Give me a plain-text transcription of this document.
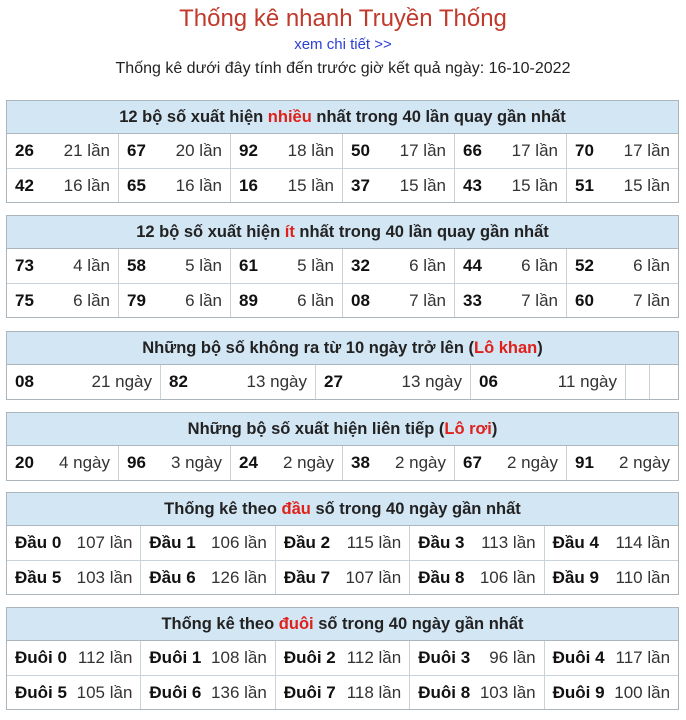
Thống kê nhanh Truyền Thống
xem chi tiết >>
Thống kê dưới đây tính đến trước giờ kết quả ngày: 16-10-2022
12 bộ số xuất hiện nhiều nhất trong 40 lần quay gần nhất
26 21 lần 67 20 lần 92 18 lần 50 17 lần 66 17 lần 70 17 lần
42 16 lần 65 16 lần 16 15 lần 37 15 lần 43 15 lần 51 15 lần
12 bộ số xuất hiện ít nhất trong 40 lần quay gần nhất
73 4 lần 58 5 lần 61 5 lần 32 6 lần 44 6 lần 52 6 lần
75 6 lần 79 6 lần 89 6 lần 08 7 lần 33 7 lần 60 7 lần
Những bộ số không ra từ 10 ngày trở lên (Lô khan)
08	21 ngày 82	13 ngày 27	13 ngày 06	11 ngày
Những bộ số xuất hiện liên tiếp (Lô rơi)
20 4 ngày 96 3 ngày 24 2 ngày 38 2 ngày 67 2 ngày 91 2 ngày
Thống kê theo đầu số trong 40 ngày gần nhất
Đầu 0 107 lần Đầu 1 106 lần Đầu 2 115 lần Đầu 3 113 lần Đầu 4 114 lần
Đầu 5 103 lần Đầu 6 126 lần Đầu 7 107 lần Đầu 8 106 lần Đầu 9 110 lần
Thống kê theo đuôi số trong 40 ngày gần nhất
Đuôi 0 112 lần Đuôi 1 108 lần Đuôi 2 112 lần Đuôi 3 96 lần Đuôi 4 117 lần
Đuôi 5 105 lần Đuôi 6 136 lần Đuôi 7 118 lần Đuôi 8 103 lần Đuôi 9 100 lần
